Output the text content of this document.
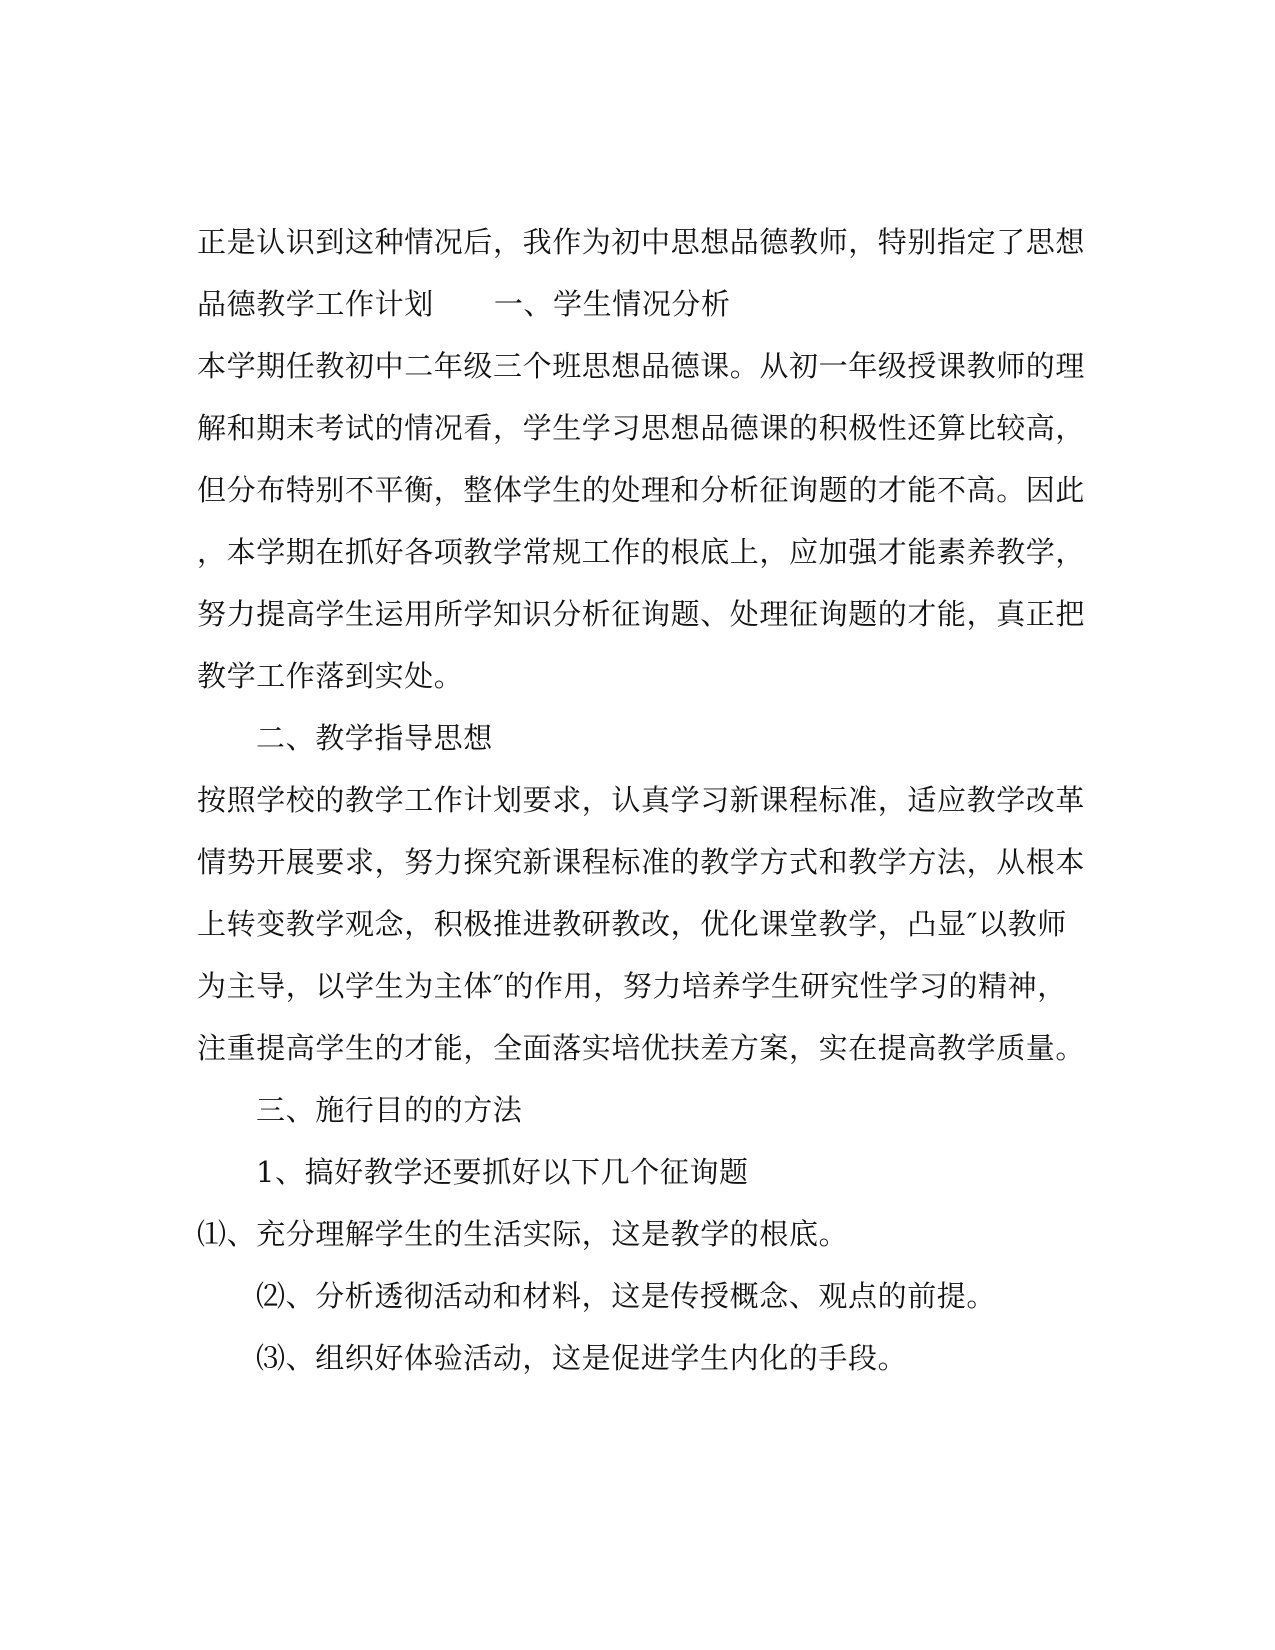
正是认识到这种情况后，我作为初中思想品德教师，特别指定了思想
品德教学工作计划 一、学生情况分析
本学期任教初中二年级三个班思想品德课。从初一年级授课教师的理
解和期末考试的情况看，学生学习思想品德课的积极性还算比较高，
但分布特别不平衡，整体学生的处理和分析征询题的才能不高。因此
，本学期在抓好各项教学常规工作的根底上，应加强才能素养教学，
努力提高学生运用所学知识分析征询题、处理征询题的才能，真正把
教学工作落到实处。
二、教学指导思想
按照学校的教学工作计划要求，认真学习新课程标准，适应教学改革
情势开展要求，努力探究新课程标准的教学方式和教学方法，从根本
上转变教学观念，积极推进教研教改，优化课堂教学，凸显″以教师
为主导，以学生为主体″的作用，努力培养学生研究性学习的精神，
注重提高学生的才能，全面落实培优扶差方案，实在提高教学质量。
三、施行目的的方法
1、搞好教学还要抓好以下几个征询题
⑴、充分理解学生的生活实际，这是教学的根底。
⑵、分析透彻活动和材料，这是传授概念、观点的前提。
⑶、组织好体验活动，这是促进学生内化的手段。
